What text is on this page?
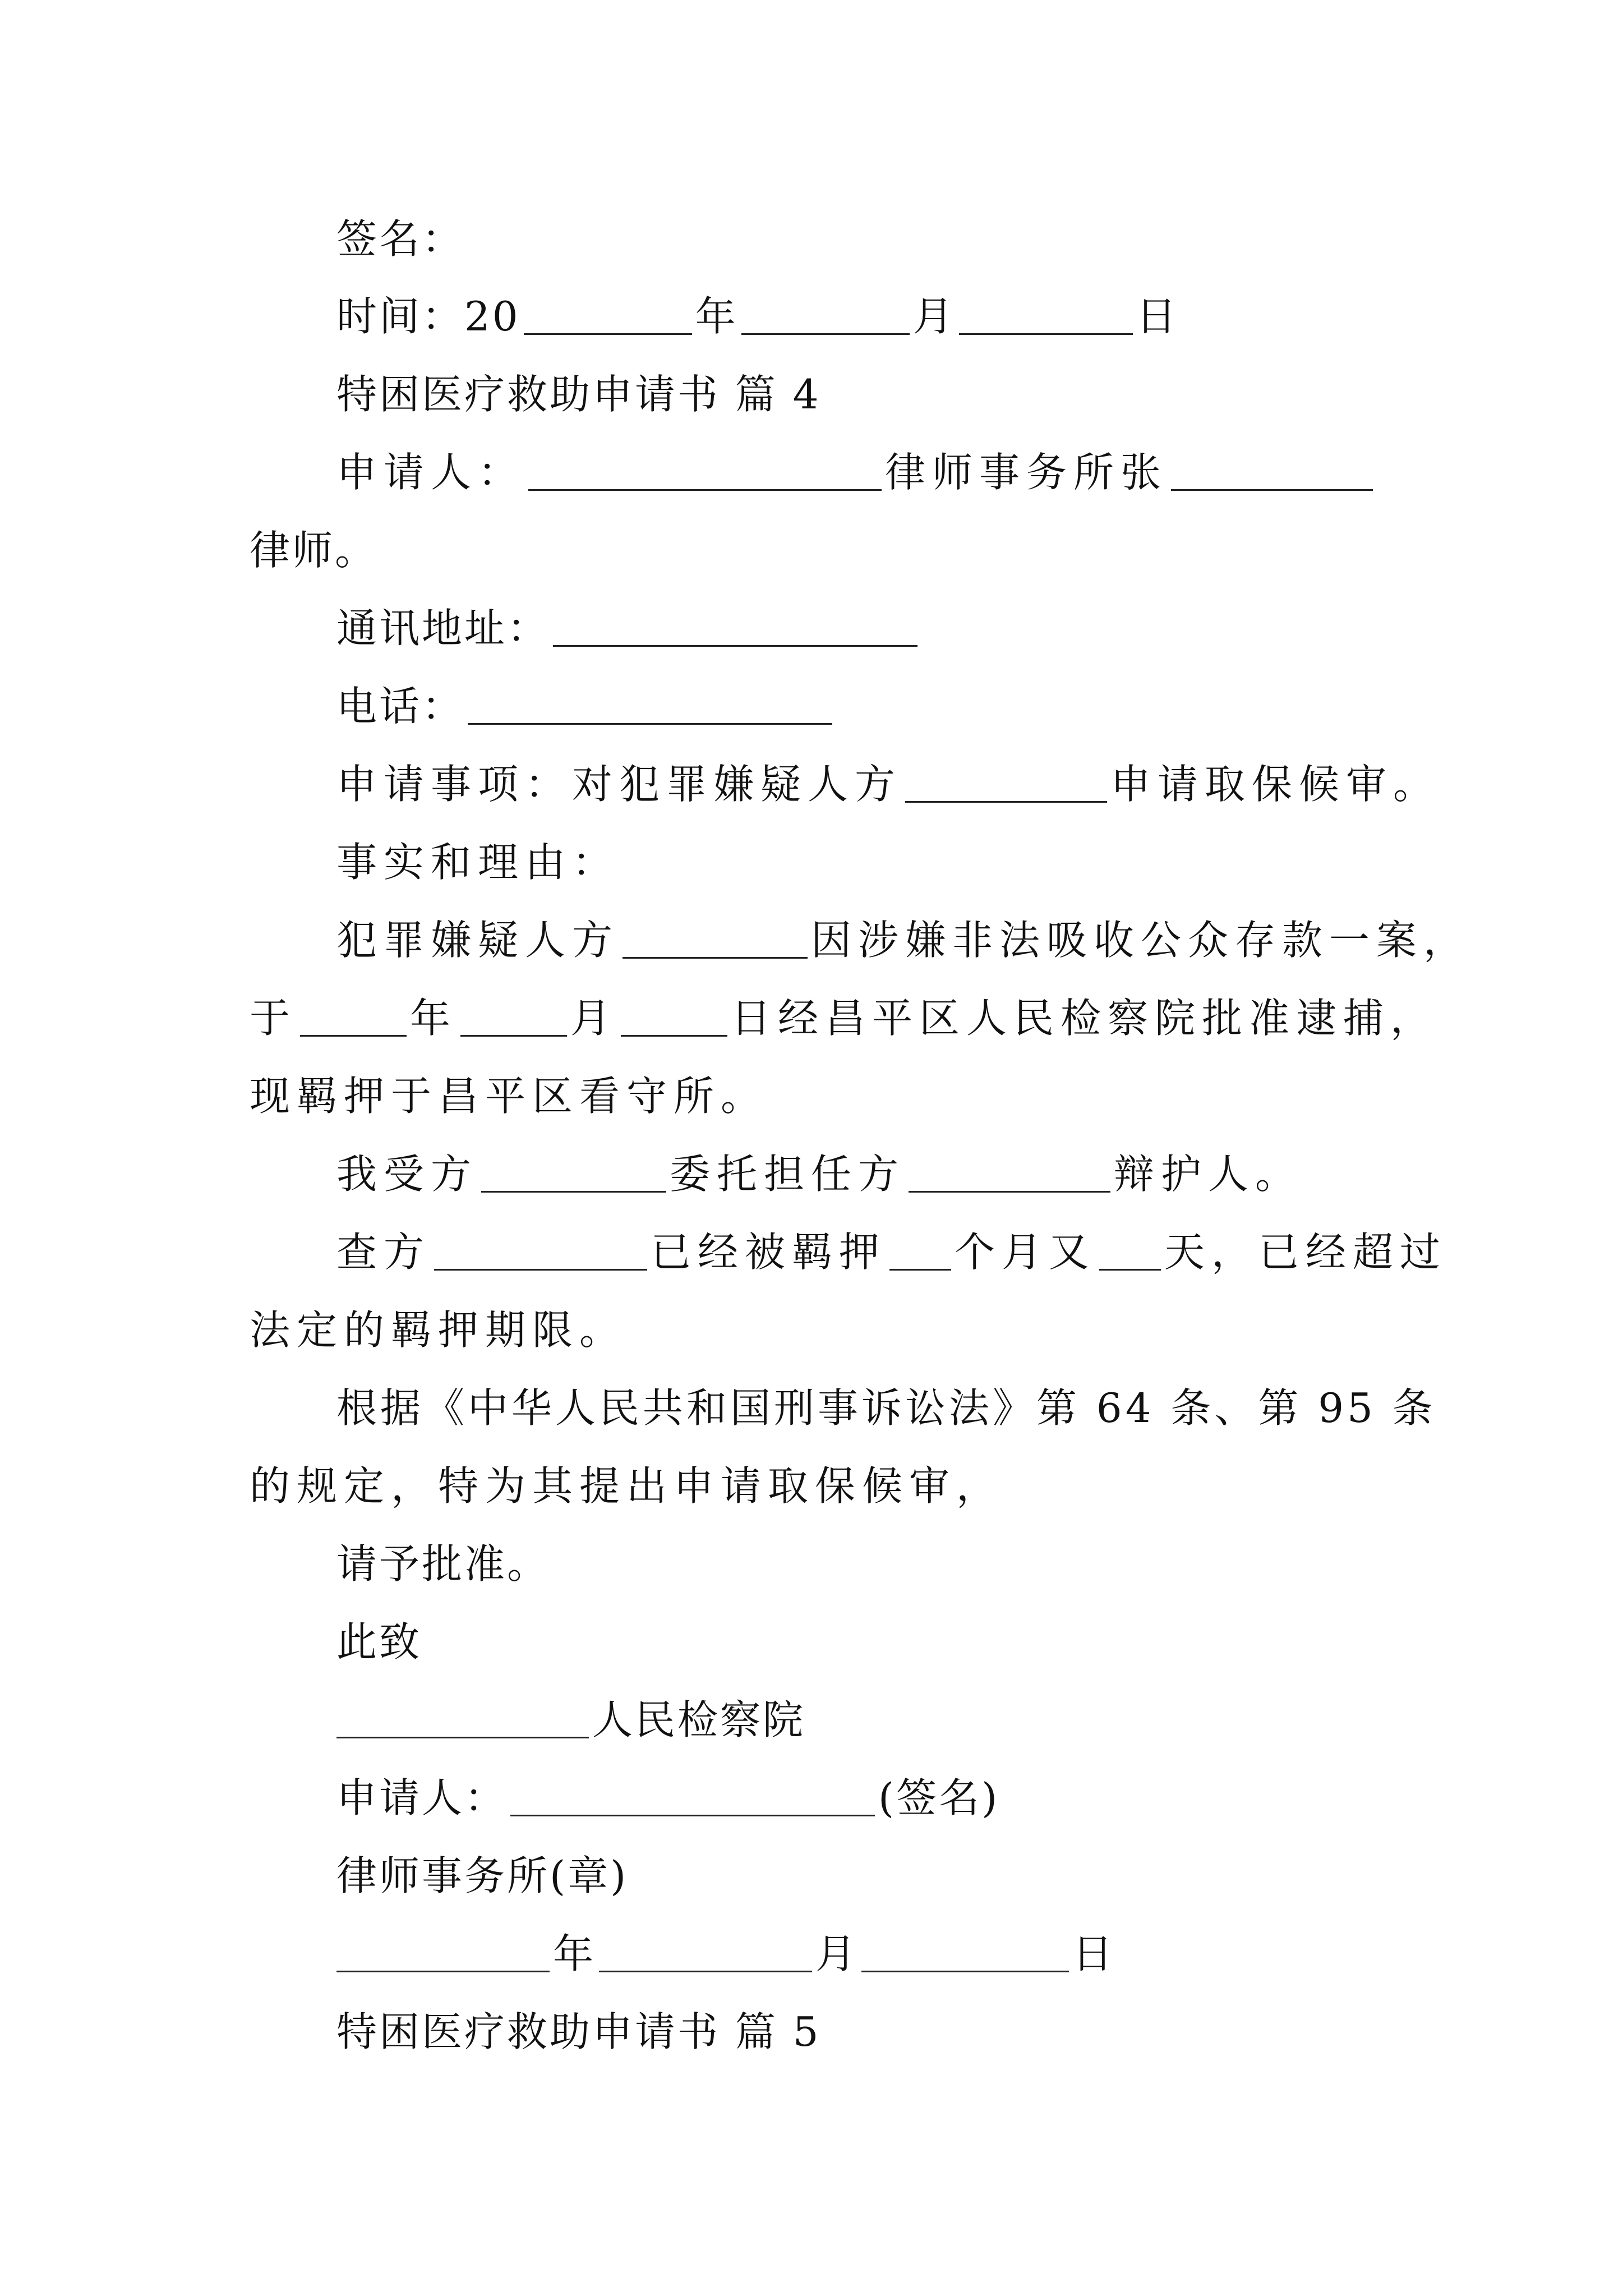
签名：
时间：20	年	月	日
特困医疗救助申请书 篇 4
申请人：	律师事务所张
律师。
通讯地址：
电话：
申请事项：对犯罪嫌疑人方	申请取保候审。
事实和理由：
犯罪嫌疑人方	因涉嫌非法吸收公众存款一案，
于	年	月	日经昌平区人民检察院批准逮捕，
现羁押于昌平区看守所。
我受方	委托担任方	辩护人。
查方	已经被羁押 个月又 天，已经超过
法定的羁押期限。
根据《中华人民共和国刑事诉讼法》第 64 条、第 95 条
的规定，特为其提出申请取保候审，
请予批准。
此致
人民检察院
申请人：	(签名)
律师事务所(章)
年	月	日
特困医疗救助申请书 篇 5
